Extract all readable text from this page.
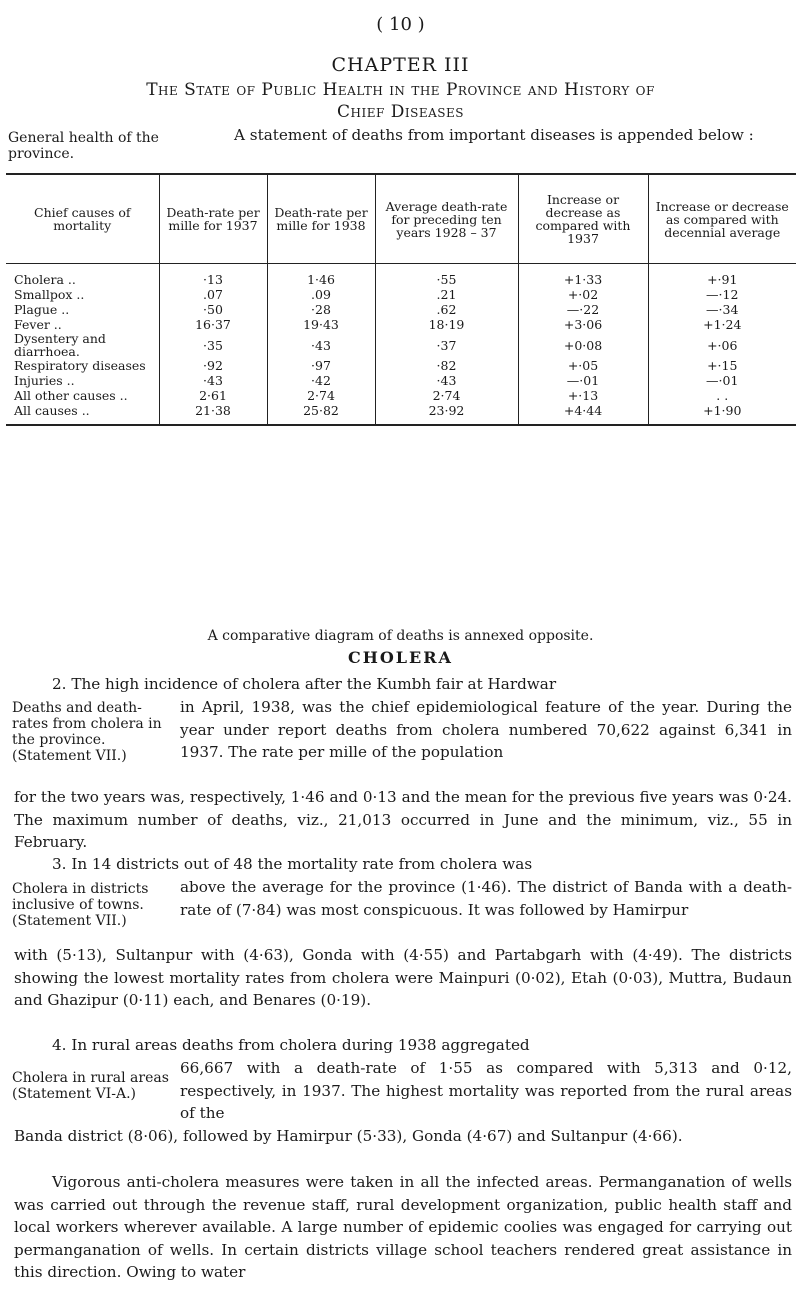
( 10 )
CHAPTER III
The State of Public Health in the Province and History of
Chief Diseases
General health of the province.
A statement of deaths from important diseases is appended below :
Chief causes of mortality	Death-rate per mille for 1937	Death-rate per mille for 1938	Average death-rate for preceding ten years 1928 – 37	Increase or decrease as compared with 1937	Increase or decrease as compared with decennial average
Cholera ..	·13	1·46	·55	+1·33	+·91
Smallpox ..	.07	.09	.21	+·02	—·12
Plague ..	·50	·28	.62	—·22	—·34
Fever ..	16·37	19·43	18·19	+3·06	+1·24
Dysentery and diarrhoea.	·35	·43	·37	+0·08	+·06
Respiratory diseases	·92	·97	·82	+·05	+·15
Injuries ..	·43	·42	·43	—·01	—·01
All other causes ..	2·61	2·74	2·74	+·13	. .
All causes ..	21·38	25·82	23·92	+4·44	+1·90
A comparative diagram of deaths is annexed opposite.
CHOLERA
2. The high incidence of cholera after the Kumbh fair at Hardwar
Deaths and death-rates from cholera in the province. (Statement VII.)
in April, 1938, was the chief epidemiological feature of the year. During the year under report deaths from cholera numbered 70,622 against 6,341 in 1937. The rate per mille of the population
for the two years was, respectively, 1·46 and 0·13 and the mean for the previous five years was 0·24. The maximum number of deaths, viz., 21,013 occurred in June and the minimum, viz., 55 in February.
3. In 14 districts out of 48 the mortality rate from cholera was
Cholera in districts inclusive of towns. (Statement VII.)
above the average for the province (1·46). The district of Banda with a death-rate of (7·84) was most conspicuous. It was followed by Hamirpur
with (5·13), Sultanpur with (4·63), Gonda with (4·55) and Partabgarh with (4·49). The districts showing the lowest mortality rates from cholera were Mainpuri (0·02), Etah (0·03), Muttra, Budaun and Ghazipur (0·11) each, and Benares (0·19).
4. In rural areas deaths from cholera during 1938 aggregated
Cholera in rural areas (Statement VI-A.)
66,667 with a death-rate of 1·55 as compared with 5,313 and 0·12, respectively, in 1937. The highest mortality was reported from the rural areas of the
Banda district (8·06), followed by Hamirpur (5·33), Gonda (4·67) and Sultanpur (4·66).
Vigorous anti-cholera measures were taken in all the infected areas. Permanganation of wells was carried out through the revenue staff, rural development organization, public health staff and local workers wherever available. A large number of epidemic coolies was engaged for carrying out permanganation of wells. In certain districts village school teachers rendered great assistance in this direction. Owing to water
